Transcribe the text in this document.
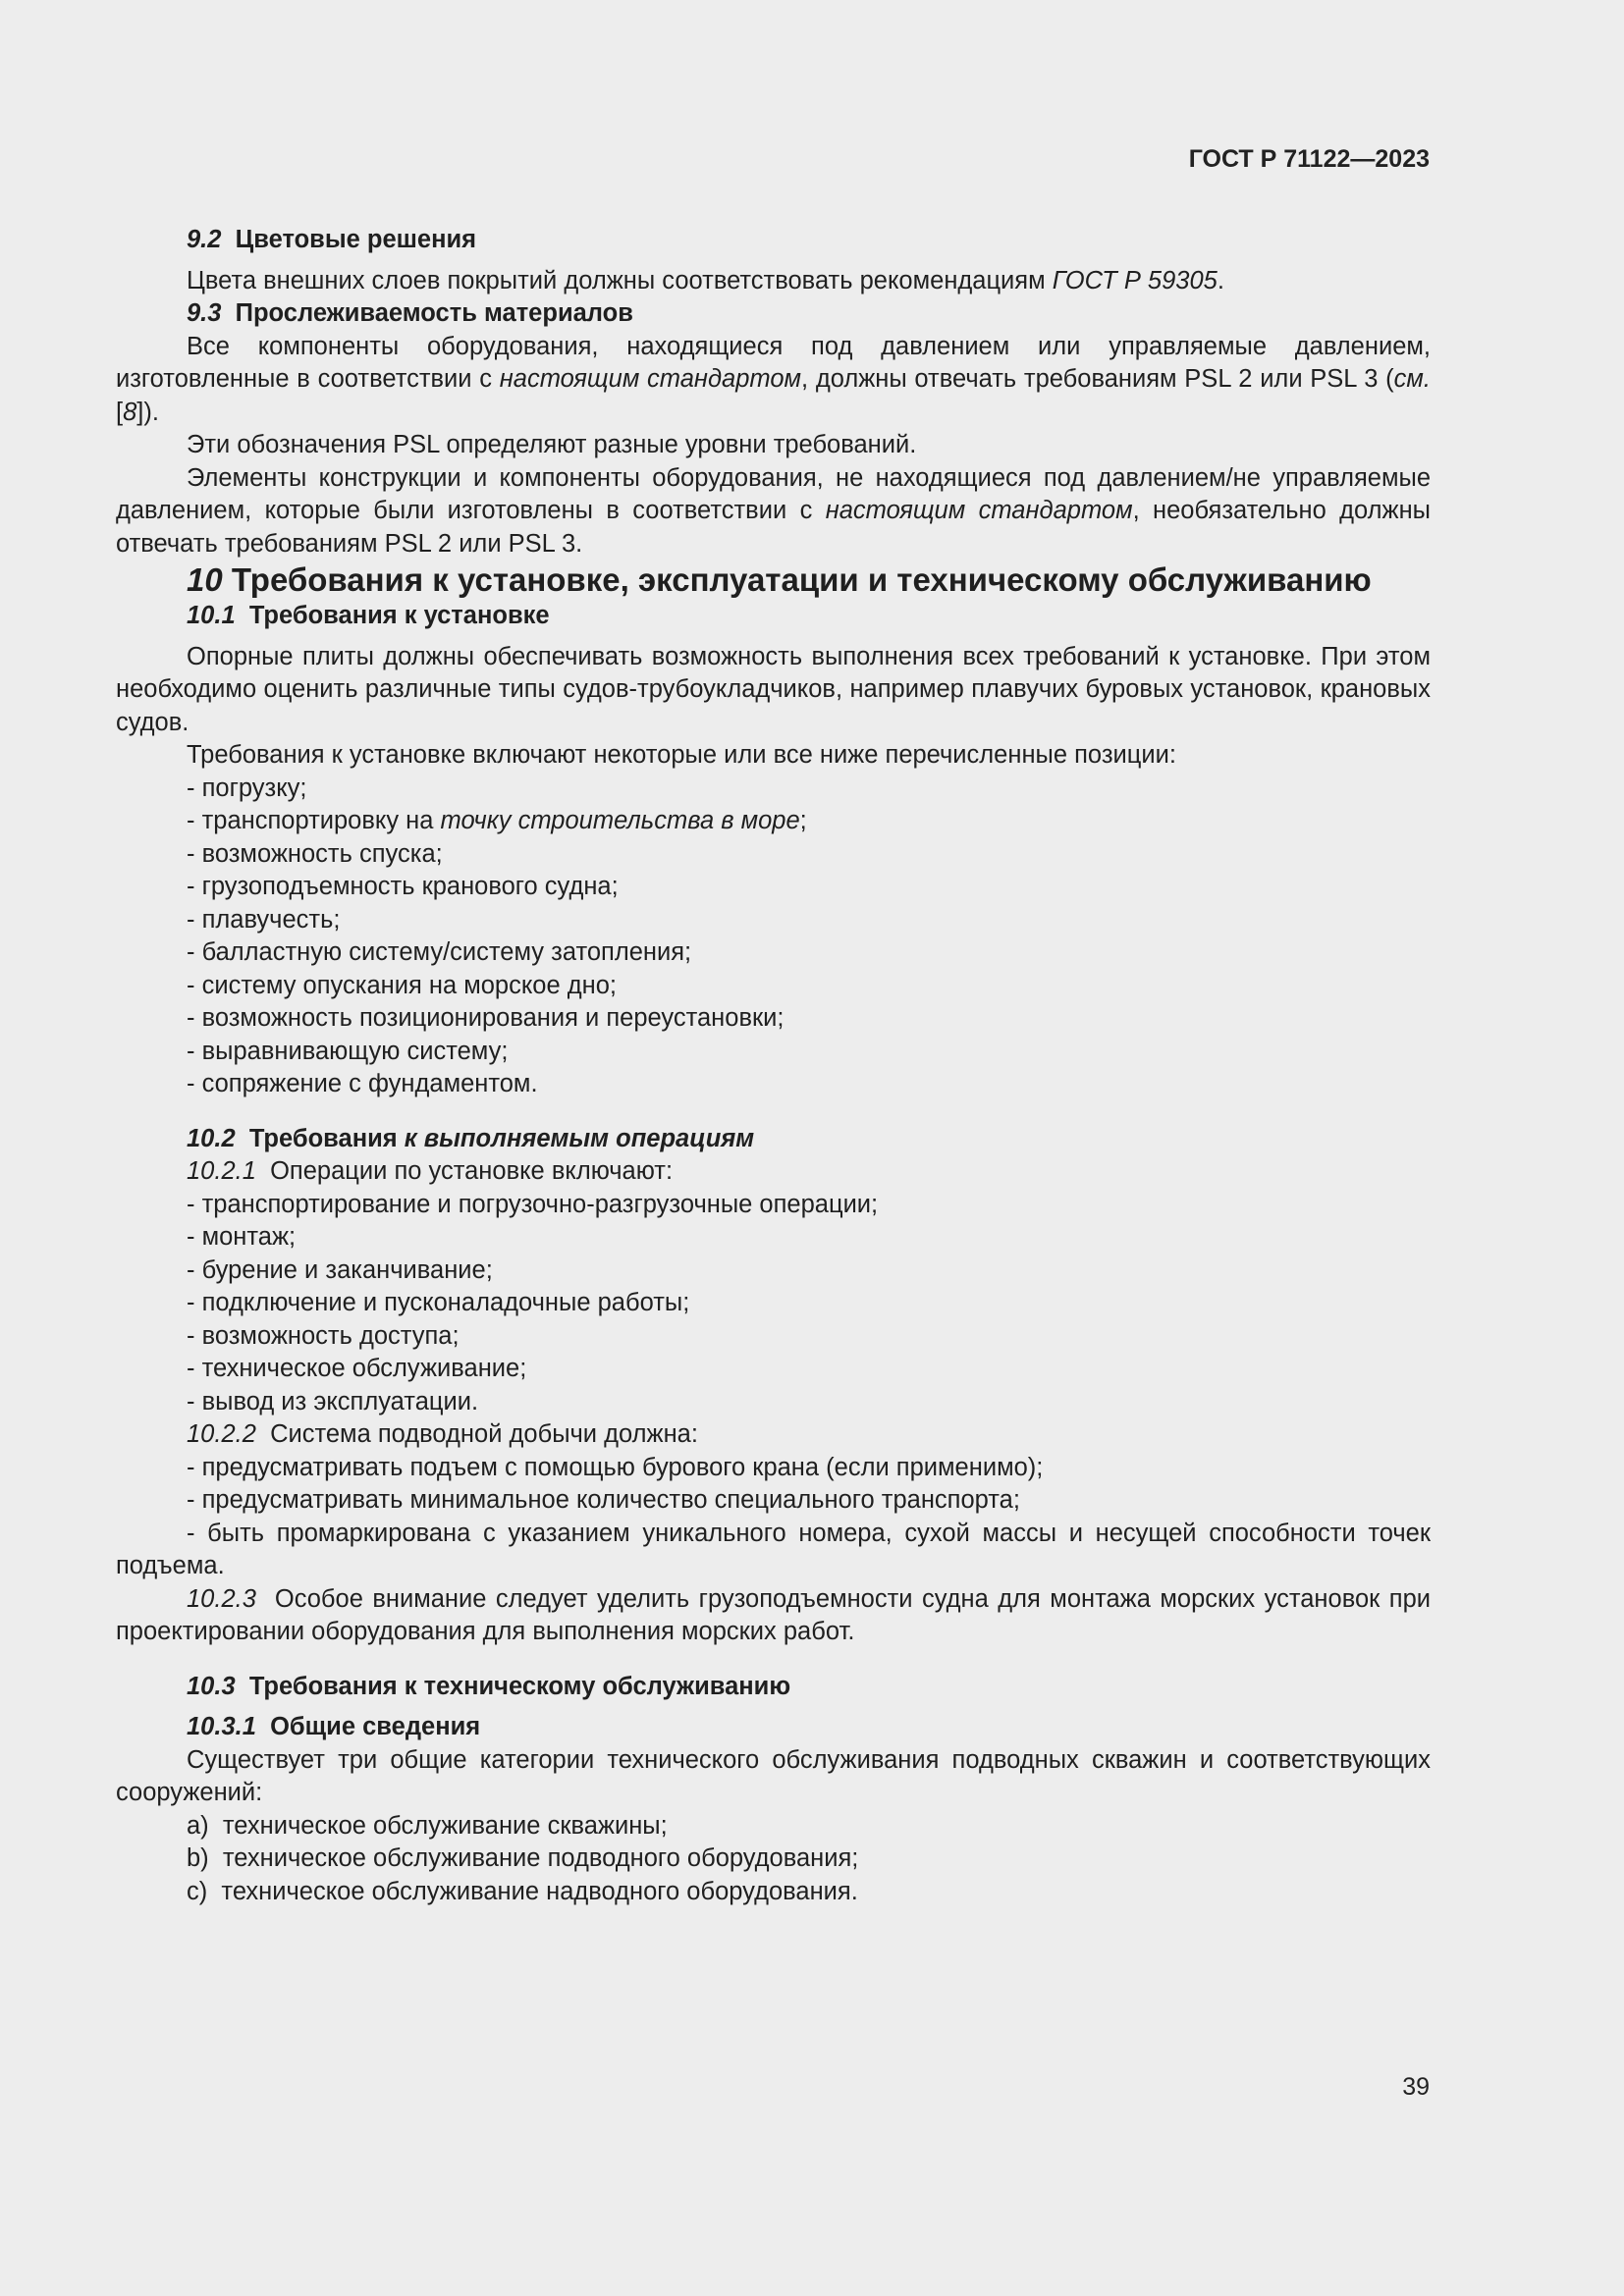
ГОСТ Р 71122—2023

9.2 Цветовые решения

Цвета внешних слоев покрытий должны соответствовать рекомендациям ГОСТ Р 59305.

9.3 Прослеживаемость материалов

Все компоненты оборудования, находящиеся под давлением или управляемые давлением, изготовленные в соответствии с настоящим стандартом, должны отвечать требованиям PSL 2 или PSL 3 (см. [8]).

Эти обозначения PSL определяют разные уровни требований.

Элементы конструкции и компоненты оборудования, не находящиеся под давлением/не управляемые давлением, которые были изготовлены в соответствии с настоящим стандартом, необязательно должны отвечать требованиям PSL 2 или PSL 3.

10 Требования к установке, эксплуатации и техническому обслуживанию

10.1 Требования к установке

Опорные плиты должны обеспечивать возможность выполнения всех требований к установке. При этом необходимо оценить различные типы судов-трубоукладчиков, например плавучих буровых установок, крановых судов.

Требования к установке включают некоторые или все ниже перечисленные позиции:

- погрузку;

- транспортировку на точку строительства в море;

- возможность спуска;

- грузоподъемность кранового судна;

- плавучесть;

- балластную систему/систему затопления;

- систему опускания на морское дно;

- возможность позиционирования и переустановки;

- выравнивающую систему;

- сопряжение с фундаментом.

10.2 Требования к выполняемым операциям

10.2.1 Операции по установке включают:

- транспортирование и погрузочно-разгрузочные операции;

- монтаж;

- бурение и заканчивание;

- подключение и пусконаладочные работы;

- возможность доступа;

- техническое обслуживание;

- вывод из эксплуатации.

10.2.2 Система подводной добычи должна:

- предусматривать подъем с помощью бурового крана (если применимо);

- предусматривать минимальное количество специального транспорта;

- быть промаркирована с указанием уникального номера, сухой массы и несущей способности точек подъема.

10.2.3 Особое внимание следует уделить грузоподъемности судна для монтажа морских установок при проектировании оборудования для выполнения морских работ.

10.3 Требования к техническому обслуживанию

10.3.1 Общие сведения

Существует три общие категории технического обслуживания подводных скважин и соответствующих сооружений:

a) техническое обслуживание скважины;

b) техническое обслуживание подводного оборудования;

c) техническое обслуживание надводного оборудования.

39
